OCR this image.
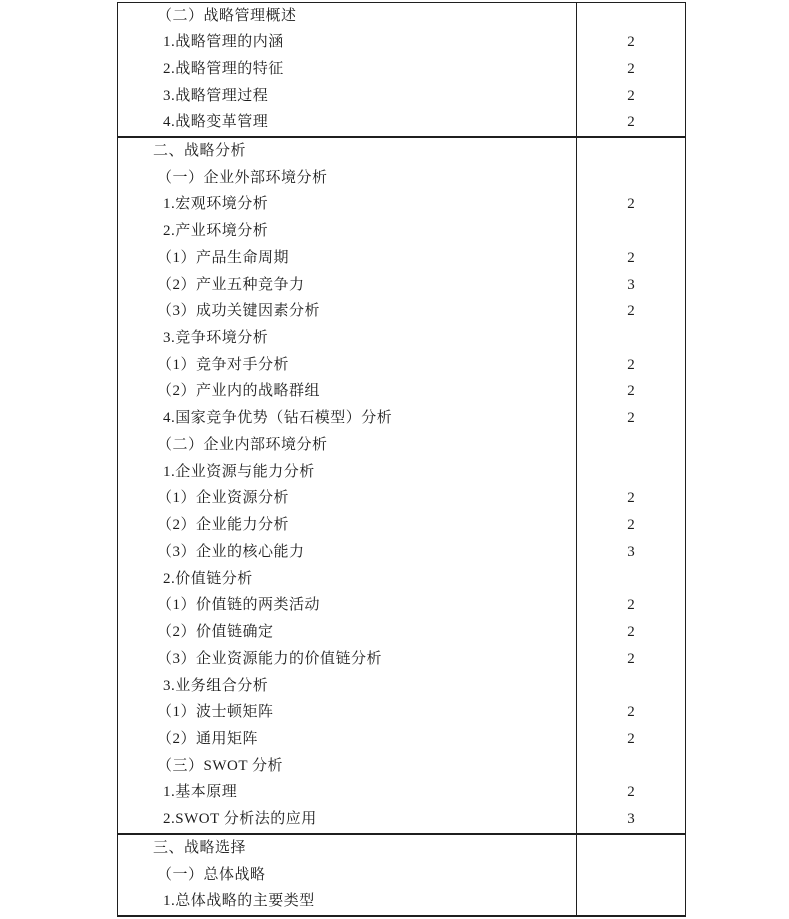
（二）战略管理概述
1.战略管理的内涵	2
2.战略管理的特征	2
3.战略管理过程	2
4.战略变革管理	2
二、战略分析
（一）企业外部环境分析
1.宏观环境分析	2
2.产业环境分析
（1）产品生命周期	2
（2）产业五种竞争力	3
（3）成功关键因素分析	2
3.竞争环境分析
（1）竞争对手分析	2
（2）产业内的战略群组	2
4.国家竞争优势（钻石模型）分析	2
（二）企业内部环境分析
1.企业资源与能力分析
（1）企业资源分析	2
（2）企业能力分析	2
（3）企业的核心能力	3
2.价值链分析
（1）价值链的两类活动	2
（2）价值链确定	2
（3）企业资源能力的价值链分析	2
3.业务组合分析
（1）波士顿矩阵	2
（2）通用矩阵	2
（三）SWOT 分析
1.基本原理	2
2.SWOT 分析法的应用	3
三、战略选择
（一）总体战略
1.总体战略的主要类型
